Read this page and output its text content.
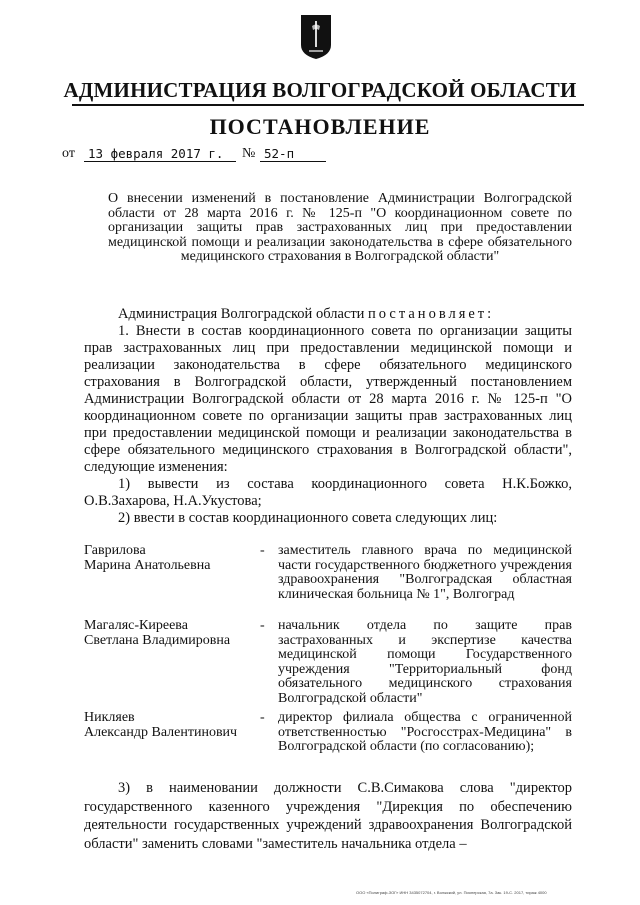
АДМИНИСТРАЦИЯ ВОЛГОГРАДСКОЙ ОБЛАСТИ
ПОСТАНОВЛЕНИЕ
от	13 февраля 2017 г.	№ 52-п
О внесении изменений в постановление Администрации Волгоградской области от 28 марта 2016 г. № 125-п "О координационном совете по организации защиты прав застрахованных лиц при предоставлении медицинской помощи и реализации законодательства в сфере обязательного медицинского страхования в Волгоградской области"

Администрация Волгоградской области постановляет:

1. Внести в состав координационного совета по организации защиты прав застрахованных лиц при предоставлении медицинской помощи и реализации законодательства в сфере обязательного медицинского страхования в Волгоградской области, утвержденный постановлением Администрации Волгоградской области от 28 марта 2016 г. № 125-п "О координационном совете по организации защиты прав застрахованных лиц при предоставлении медицинской помощи и реализации законодательства в сфере обязательного медицинского страхования в Волгоградской области", следующие изменения:

1) вывести из состава координационного совета Н.К.Божко, О.В.Захарова, Н.А.Укустова;

2) ввести в состав координационного совета следующих лиц:

Гаврилова
Марина Анатольевна
- заместитель главного врача по медицинской части государственного бюджетного учреждения здравоохранения "Волгоградская областная клиническая больница № 1", Волгоград
Магаляс-Киреева
Светлана Владимировна
- начальник отдела по защите прав застрахованных и экспертизе качества медицинской помощи Государственного учреждения "Территориальный фонд обязательного медицинского страхования Волгоградской области"
Никляев
Александр Валентинович
- директор филиала общества с ограниченной ответственностью "Росгосстрах-Медицина" в Волгоградской области (по согласованию);

3) в наименовании должности С.В.Симакова слова "директор государственного казенного учреждения "Дирекция по обеспечению деятельности государственных учреждений здравоохранения Волгоградской области" заменить словами "заместитель начальника отдела –

ООО «Полиграф-ЗОГ» ИНН 3435072704, г. Волжский, ул. Пионерская, 7а. Зак. 19-С. 2017, тираж 4000
